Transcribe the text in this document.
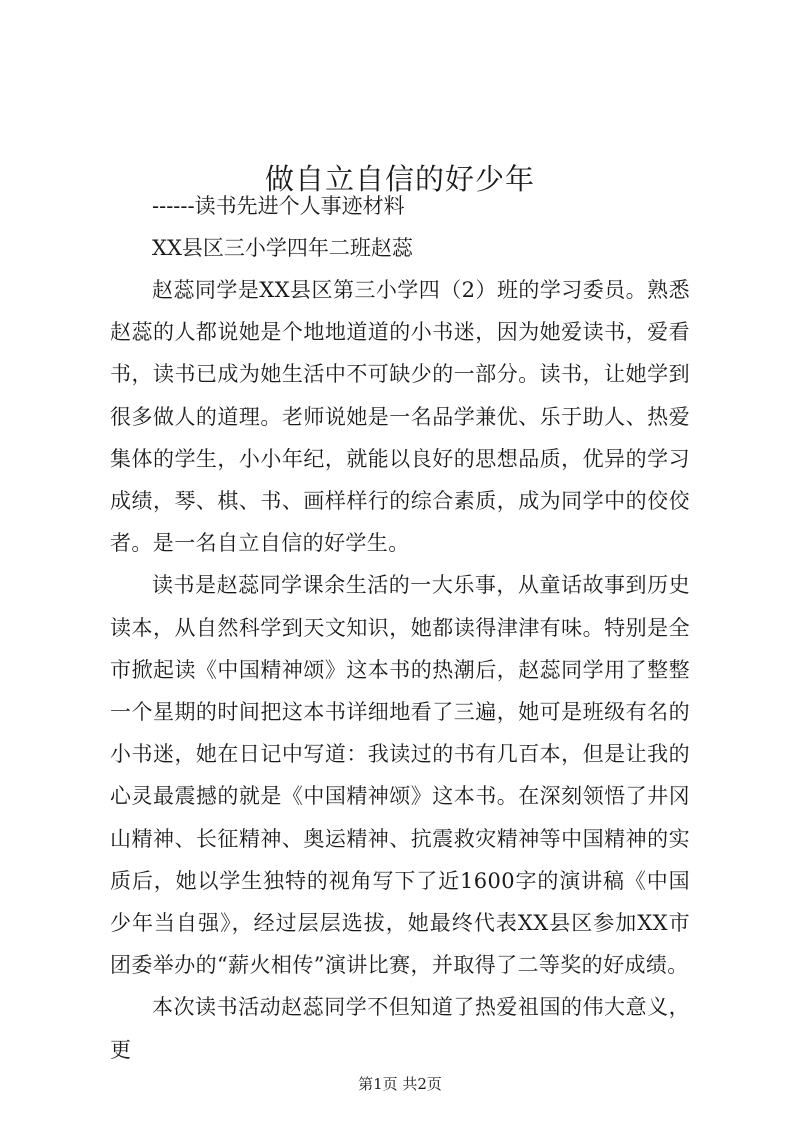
做自立自信的好少年
------读书先进个人事迹材料
XX县区三小学四年二班赵蕊

赵蕊同学是XX县区第三小学四（2）班的学习委员。熟悉赵蕊的人都说她是个地地道道的小书迷，因为她爱读书，爱看书，读书已成为她生活中不可缺少的一部分。读书，让她学到很多做人的道理。老师说她是一名品学兼优、乐于助人、热爱集体的学生，小小年纪，就能以良好的思想品质，优异的学习成绩，琴、棋、书、画样样行的综合素质，成为同学中的佼佼者。是一名自立自信的好学生。

读书是赵蕊同学课余生活的一大乐事，从童话故事到历史读本，从自然科学到天文知识，她都读得津津有味。特别是全市掀起读《中国精神颂》这本书的热潮后，赵蕊同学用了整整一个星期的时间把这本书详细地看了三遍，她可是班级有名的小书迷，她在日记中写道：我读过的书有几百本，但是让我的心灵最震撼的就是《中国精神颂》这本书。在深刻领悟了井冈山精神、长征精神、奥运精神、抗震救灾精神等中国精神的实质后，她以学生独特的视角写下了近1600字的演讲稿《中国少年当自强》，经过层层选拔，她最终代表XX县区参加XX市团委举办的“薪火相传”演讲比赛，并取得了二等奖的好成绩。

本次读书活动赵蕊同学不但知道了热爱祖国的伟大意义，更

第1页 共2页
